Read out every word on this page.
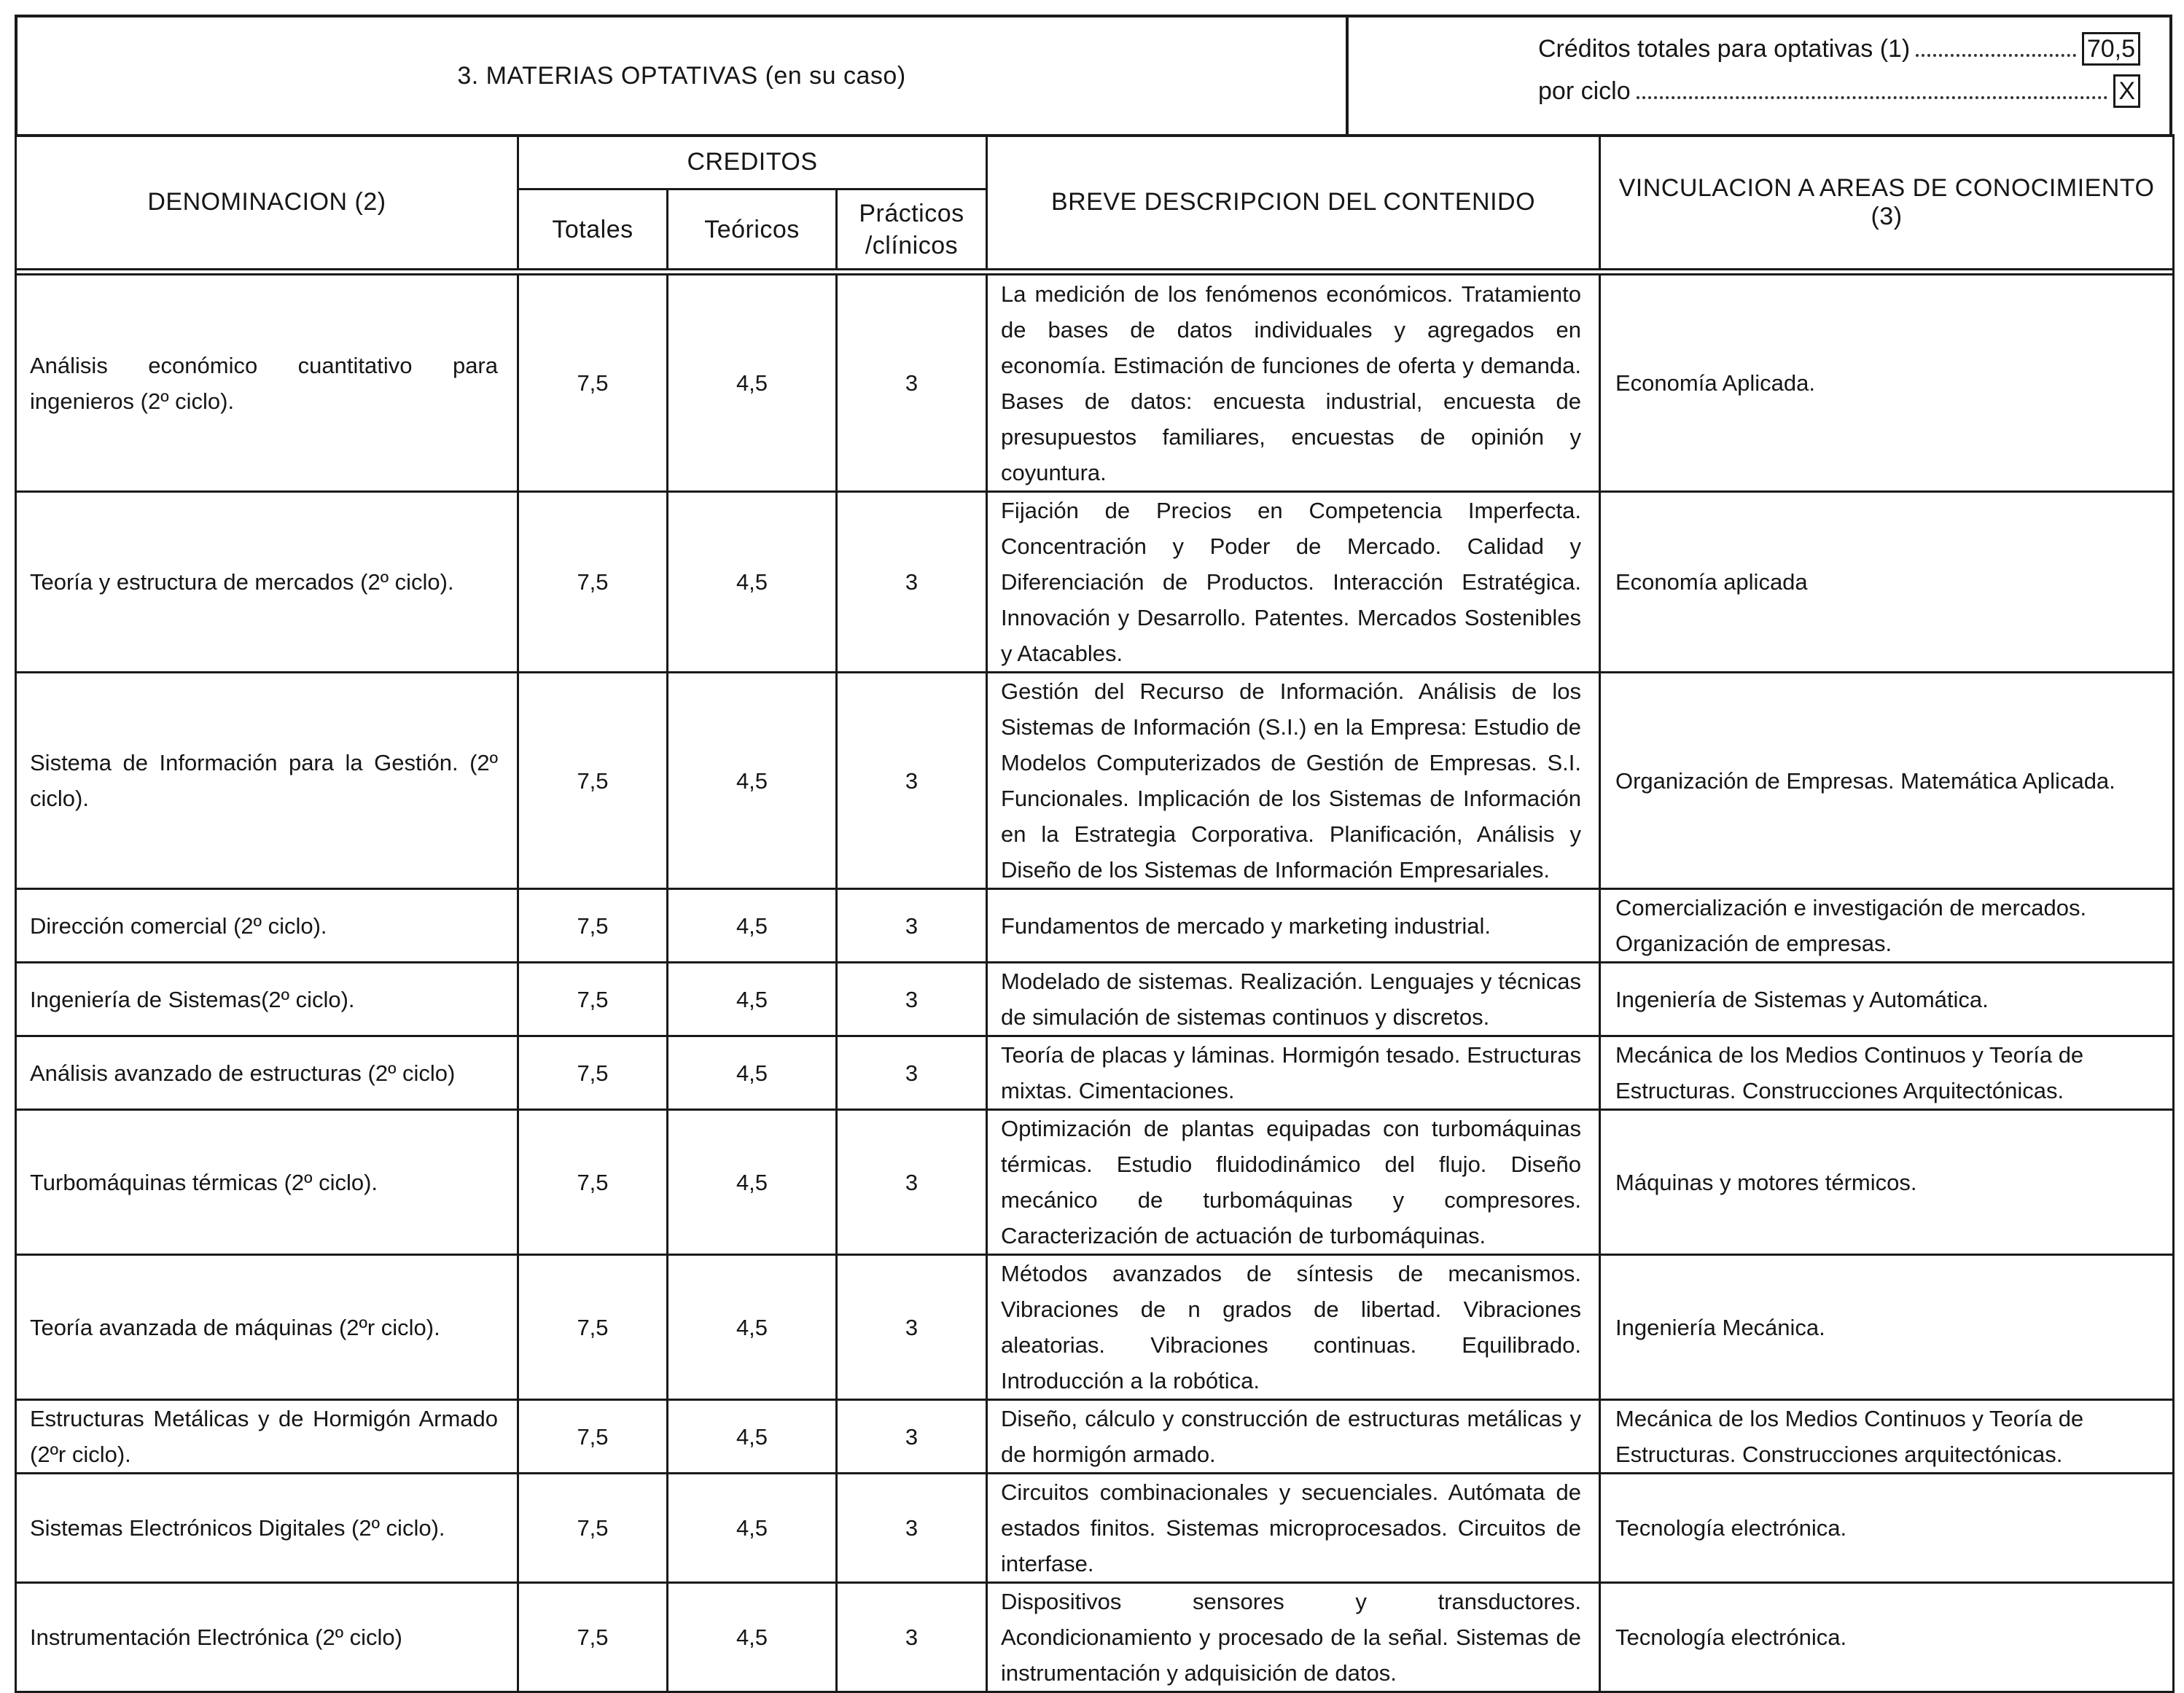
3. MATERIAS OPTATIVAS (en su caso)	
Créditos totales para optativas (1)	70,5
por ciclo	X
DENOMINACION (2)	CREDITOS			BREVE DESCRIPCION DEL CONTENIDO	VINCULACION A AREAS DE CONOCIMIENTO (3)
	Totales	Teóricos	Prácticos
/clínicos		

Análisis económico cuantitativo para ingenieros (2º ciclo).	7,5	4,5	3	La medición de los fenómenos económicos. Tratamiento de bases de datos individuales y agregados en economía. Estimación de funciones de oferta y demanda. Bases de datos: encuesta industrial, encuesta de presupuestos familiares, encuestas de opinión y coyuntura.	Economía Aplicada.
Teoría y estructura de mercados (2º ciclo).	7,5	4,5	3	Fijación de Precios en Competencia Imperfecta. Concentración y Poder de Mercado. Calidad y Diferenciación de Productos. Interacción Estratégica. Innovación y Desarrollo. Patentes. Mercados Sostenibles y Atacables.	Economía aplicada
Sistema de Información para la Gestión. (2º ciclo).	7,5	4,5	3	Gestión del Recurso de Información. Análisis de los Sistemas de Información (S.I.) en la Empresa: Estudio de Modelos Computerizados de Gestión de Empresas. S.I. Funcionales. Implicación de los Sistemas de Información en la Estrategia Corporativa. Planificación, Análisis y Diseño de los Sistemas de Información Empresariales.	Organización de Empresas. Matemática Aplicada.
Dirección comercial (2º ciclo).	7,5	4,5	3	Fundamentos de mercado y marketing industrial.	Comercialización e investigación de mercados. Organización de empresas.
Ingeniería de Sistemas(2º ciclo).	7,5	4,5	3	Modelado de sistemas. Realización. Lenguajes y técnicas de simulación de sistemas continuos y discretos.	Ingeniería de Sistemas y Automática.
Análisis avanzado de estructuras (2º ciclo)	7,5	4,5	3	Teoría de placas y láminas. Hormigón tesado. Estructuras mixtas. Cimentaciones.	Mecánica de los Medios Continuos y Teoría de Estructuras. Construcciones Arquitectónicas.
Turbomáquinas térmicas (2º ciclo).	7,5	4,5	3	Optimización de plantas equipadas con turbomáquinas térmicas. Estudio fluidodinámico del flujo. Diseño mecánico de turbomáquinas y compresores. Caracterización de actuación de turbomáquinas.	Máquinas y motores térmicos.
Teoría avanzada de máquinas (2ºr ciclo).	7,5	4,5	3	Métodos avanzados de síntesis de mecanismos. Vibraciones de n grados de libertad. Vibraciones aleatorias. Vibraciones continuas. Equilibrado. Introducción a la robótica.	Ingeniería Mecánica.
Estructuras Metálicas y de Hormigón Armado (2ºr ciclo).	7,5	4,5	3	Diseño, cálculo y construcción de estructuras metálicas y de hormigón armado.	Mecánica de los Medios Continuos y Teoría de Estructuras. Construcciones arquitectónicas.
Sistemas Electrónicos Digitales (2º ciclo).	7,5	4,5	3	Circuitos combinacionales y secuenciales. Autómata de estados finitos. Sistemas microprocesados. Circuitos de interfase.	Tecnología electrónica.
Instrumentación Electrónica (2º ciclo)	7,5	4,5	3	Dispositivos sensores y transductores. Acondicionamiento y procesado de la señal. Sistemas de instrumentación y adquisición de datos.	Tecnología electrónica.
